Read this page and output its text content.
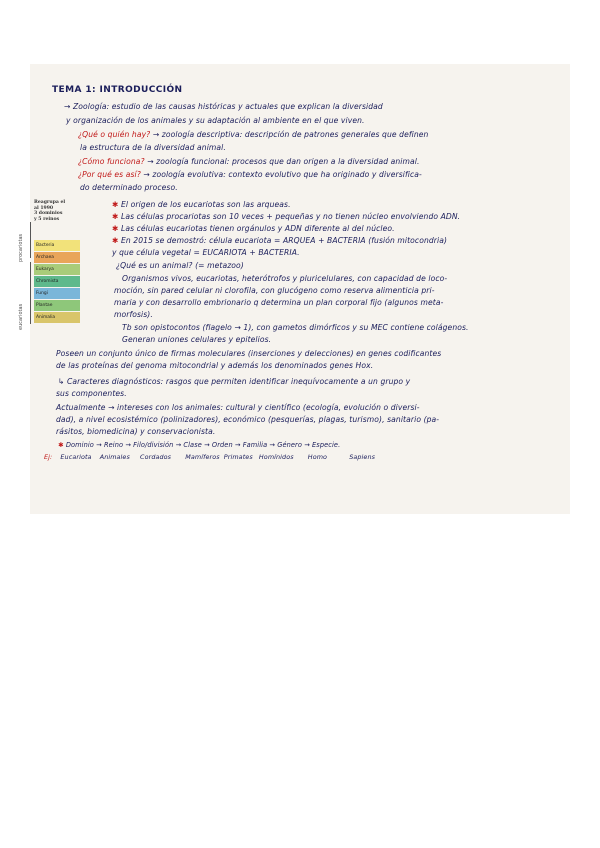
TEMA 1: INTRODUCCIÓN
→ Zoología: estudio de las causas históricas y actuales que explican la diversidad
y organización de los animales y su adaptación al ambiente en el que viven.
¿Qué o quién hay? → zoología descriptiva: descripción de patrones generales que definen
la estructura de la diversidad animal.
¿Cómo funciona? → zoología funcional: procesos que dan origen a la diversidad animal.
¿Por qué es así? → zoología evolutiva: contexto evolutivo que ha originado y diversifica-
do determinado proceso.
Reagrupa el
al 1990
3 dominios
y 5 reinos
Bacteria
Archaea
Eukarya
Chromista
Fungi
Plantae
Animalia
procariotas
eucariotas
✱ El origen de los eucariotas son las arqueas.
✱ Las células procariotas son 10 veces + pequeñas y no tienen núcleo envolviendo ADN.
✱ Las células eucariotas tienen orgánulos y ADN diferente al del núcleo.
✱ En 2015 se demostró: célula eucariota = ARQUEA + BACTERIA (fusión mitocondria)
y que célula vegetal = EUCARIOTA + BACTERIA.
¿Qué es un animal? (= metazoo)
Organismos vivos, eucariotas, heterótrofos y pluricelulares, con capacidad de loco-
moción, sin pared celular ni clorofila, con glucógeno como reserva alimenticia pri-
maria y con desarrollo embrionario q determina un plan corporal fijo (algunos meta-
morfosis).
Tb son opistocontos (flagelo → 1), con gametos dimórficos y su MEC contiene colágenos.
Generan uniones celulares y epitelios.
Poseen un conjunto único de firmas moleculares (inserciones y delecciones) en genes codificantes
de las proteínas del genoma mitocondrial y además los denominados genes Hox.
↳ Caracteres diagnósticos: rasgos que permiten identificar inequívocamente a un grupo y
sus componentes.
Actualmente → intereses con los animales: cultural y científico (ecología, evolución o diversi-
dad), a nivel ecosistémico (polinizadores), económico (pesquerías, plagas, turismo), sanitario (pa-
rásitos, biomedicina) y conservacionista.
✱ Dominio → Reino → Filo/división → Clase → Orden → Familia → Género → Especie.
Ej: Eucariota Animales Cordados Mamíferos Primates Homínidos Homo	Sapiens
